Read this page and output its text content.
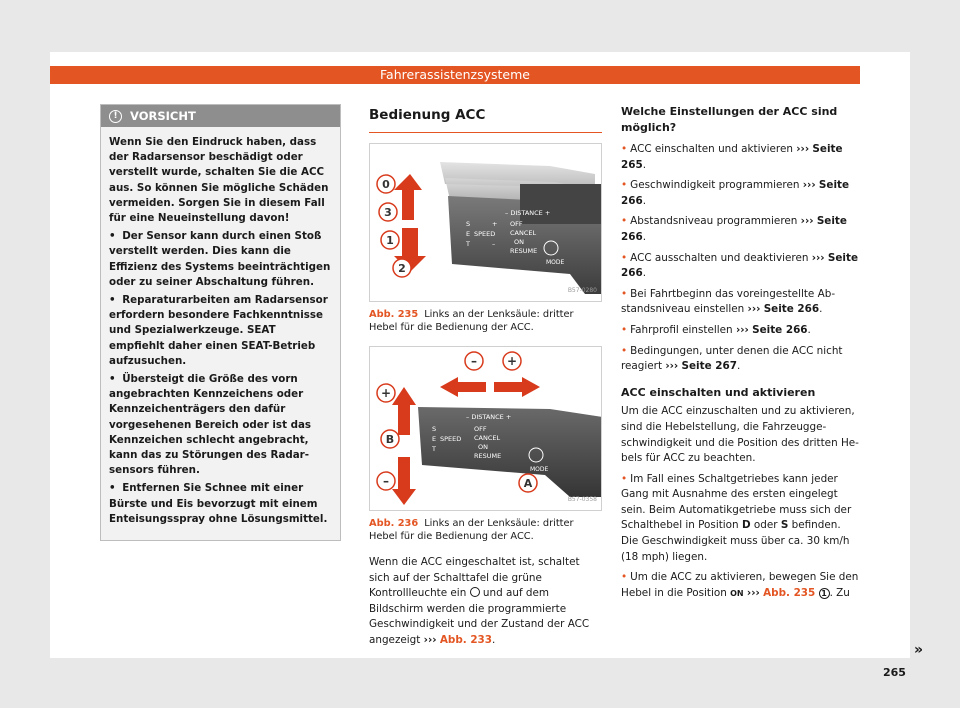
Fahrerassistenzsysteme
!	VORSICHT

Wenn Sie den Eindruck haben, dass der Radarsensor beschädigt oder verstellt wurde, schalten Sie die ACC aus. So können Sie mögliche Schäden vermeiden. Sorgen Sie in diesem Fall für eine Neueinstellung davon!

• Der Sensor kann durch einen Stoß verstellt werden. Dies kann die Effizienz des Systems beeinträchtigen oder zu seiner Abschaltung führen.

• Reparaturarbeiten am Radarsensor erfordern besondere Fachkenntnisse und Spezialwerkzeuge. SEAT empfiehlt daher einen SEAT-Betrieb aufzusuchen.

• Übersteigt die Größe des vorn angebrachten Kennzeichens oder Kennzeichenträgers den dafür vorgesehenen Bereich oder ist das Kennzeichen schlecht angebracht, kann das zu Störungen des Radarsensors führen.

• Entfernen Sie Schnee mit einer Bürste und Eis bevorzugt mit einem Enteisungsspray ohne Lösungsmittel.

Bedienung ACC
– DISTANCE +
S
E
T
SPEED
+
–
OFF
CANCEL
ON
RESUME
MODE
0
3
1
2
B57-0280
Abb. 235 Links an der Lenksäule: dritter Hebel für die Bedienung der ACC.
– DISTANCE +
S
E
T
SPEED
OFF
CANCEL
ON
RESUME
MODE
– +
+
B
–	A
B57-0358
Abb. 236 Links an der Lenksäule: dritter Hebel für die Bedienung der ACC.

Wenn die ACC eingeschaltet ist, schaltet sich auf der Schalttafel die grüne Kontrollleuchte ein und auf dem Bildschirm werden die programmierte Geschwindigkeit und der Zustand der ACC angezeigt ››› Abb. 233.

Welche Einstellungen der ACC sind möglich?

• ACC einschalten und aktivieren ››› Seite 265.

• Geschwindigkeit programmieren ››› Seite 266.

• Abstandsniveau programmieren ››› Seite 266.

• ACC ausschalten und deaktivieren ››› Seite 266.

• Bei Fahrtbeginn das voreingestellte Abstandsniveau einstellen ››› Seite 266.

• Fahrprofil einstellen ››› Seite 266.

• Bedingungen, unter denen die ACC nicht reagiert ››› Seite 267.

ACC einschalten und aktivieren

Um die ACC einzuschalten und zu aktivieren, sind die Hebelstellung, die Fahrzeuggeschwindigkeit und die Position des dritten Hebels für ACC zu beachten.

• Im Fall eines Schaltgetriebes kann jeder Gang mit Ausnahme des ersten eingelegt sein. Beim Automatikgetriebe muss sich der Schalthebel in Position D oder S befinden. Die Geschwindigkeit muss über ca. 30 km/h (18 mph) liegen.

• Um die ACC zu aktivieren, bewegen Sie den Hebel in die Position ON ››› Abb. 235 1 . Zu

»
265
